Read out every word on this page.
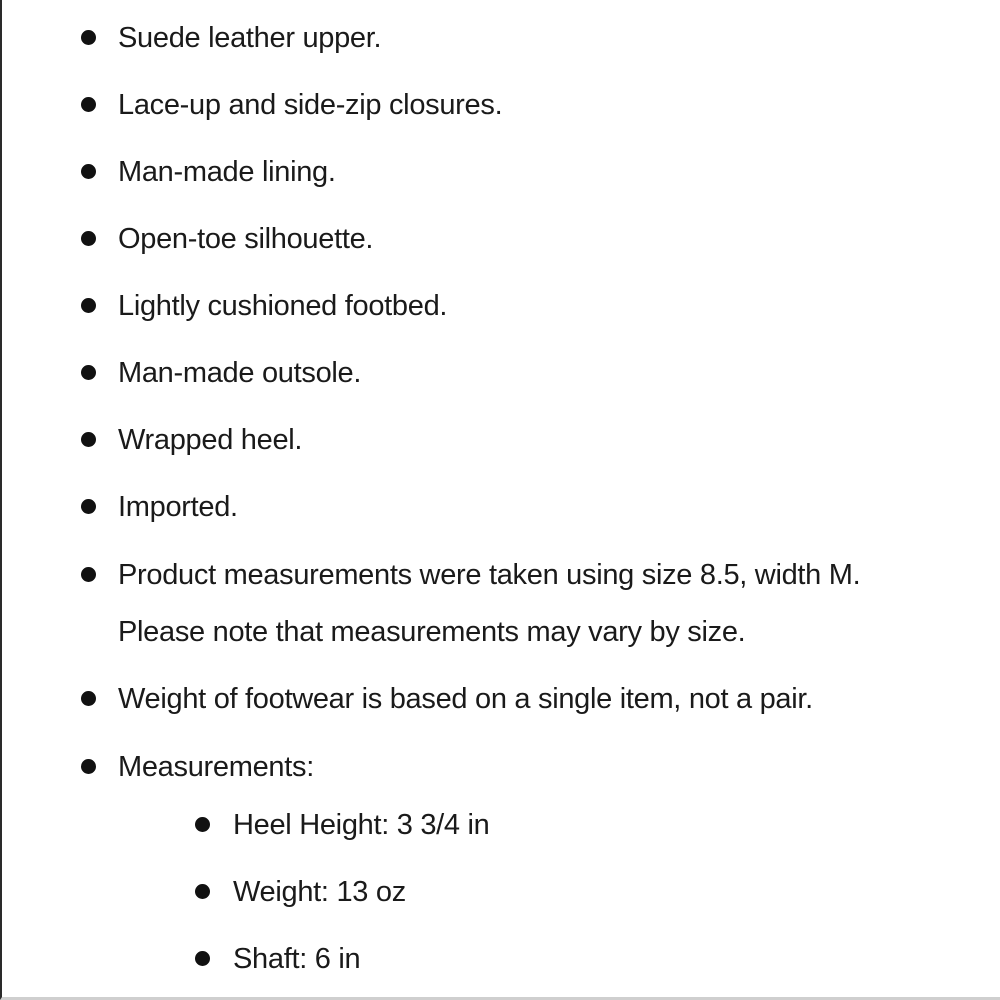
Suede leather upper.
Lace-up and side-zip closures.
Man-made lining.
Open-toe silhouette.
Lightly cushioned footbed.
Man-made outsole.
Wrapped heel.
Imported.
Product measurements were taken using size 8.5, width M.
Please note that measurements may vary by size.
Weight of footwear is based on a single item, not a pair.
Measurements:
Heel Height: 3 3/4 in
Weight: 13 oz
Shaft: 6 in
